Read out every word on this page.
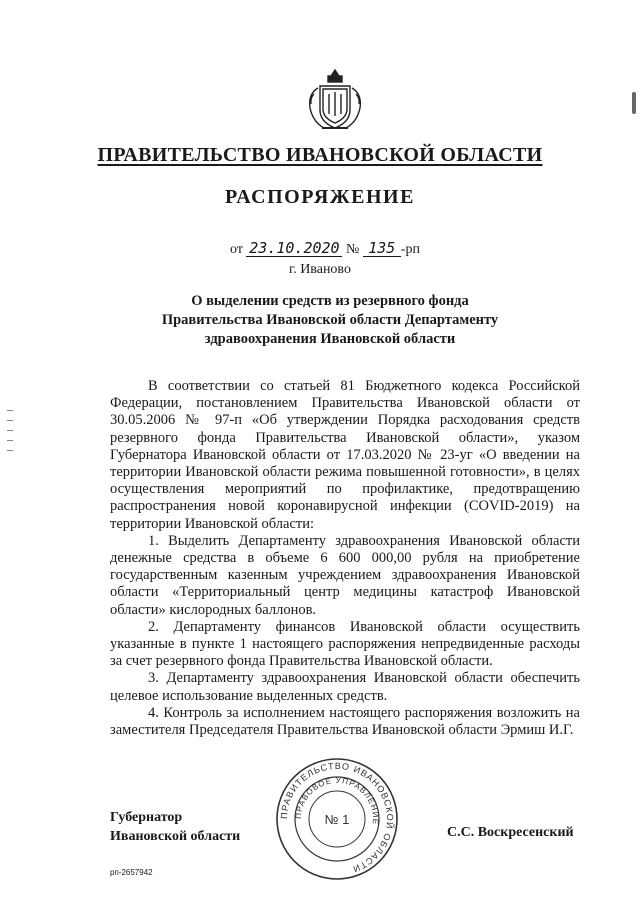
ПРАВИТЕЛЬСТВО ИВАНОВСКОЙ ОБЛАСТИ
РАСПОРЯЖЕНИЕ
от 23.10.2020 № 135 -рп
г. Иваново
О выделении средств из резервного фонда
Правительства Ивановской области Департаменту
здравоохранения Ивановской области

В соответствии со статьей 81 Бюджетного кодекса Российской Федерации, постановлением Правительства Ивановской области от 30.05.2006 № 97-п «Об утверждении Порядка расходования средств резервного фонда Правительства Ивановской области», указом Губернатора Ивановской области от 17.03.2020 № 23-уг «О введении на территории Ивановской области режима повышенной готовности», в целях осуществления мероприятий по профилактике, предотвращению распространения новой коронавирусной инфекции (COVID-2019) на территории Ивановской области:

1. Выделить Департаменту здравоохранения Ивановской области денежные средства в объеме 6 600 000,00 рубля на приобретение государственным казенным учреждением здравоохранения Ивановской области «Территориальный центр медицины катастроф Ивановской области» кислородных баллонов.

2. Департаменту финансов Ивановской области осуществить указанные в пункте 1 настоящего распоряжения непредвиденные расходы за счет резервного фонда Правительства Ивановской области.

3. Департаменту здравоохранения Ивановской области обеспечить целевое использование выделенных средств.

4. Контроль за исполнением настоящего распоряжения возложить на заместителя Председателя Правительства Ивановской области Эрмиш И.Г.

Губернатор
Ивановской области
ПРАВИТЕЛЬСТВО ИВАНОВСКОЙ ОБЛАСТИ
ПРАВОВОЕ УПРАВЛЕНИЕ
№ 1
С.С. Воскресенский
рп-2657942
